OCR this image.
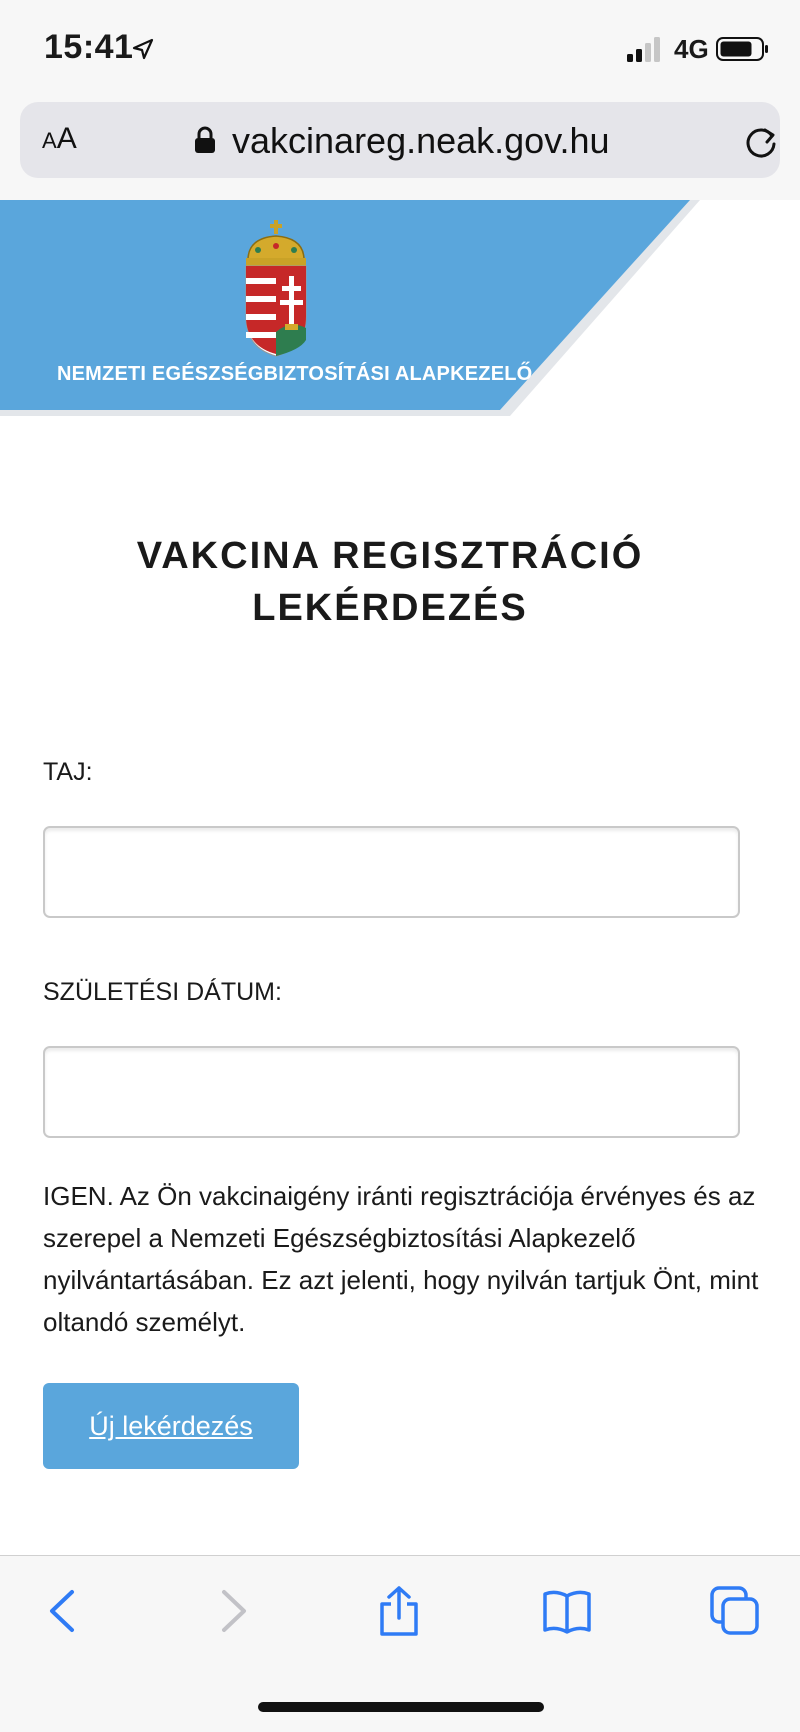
15:41	4G
AA	vakcinareg.neak.gov.hu
NEMZETI EGÉSZSÉGBIZTOSÍTÁSI ALAPKEZELŐ
VAKCINA REGISZTRÁCIÓ
LEKÉRDEZÉS
TAJ:
SZÜLETÉSI DÁTUM:

IGEN. Az Ön vakcinaigény iránti regisztrációja érvényes és az szerepel a Nemzeti Egészségbiztosítási Alapkezelő nyilvántartásában. Ez azt jelenti, hogy nyilván tartjuk Önt, mint oltandó személyt.

Új lekérdezés
